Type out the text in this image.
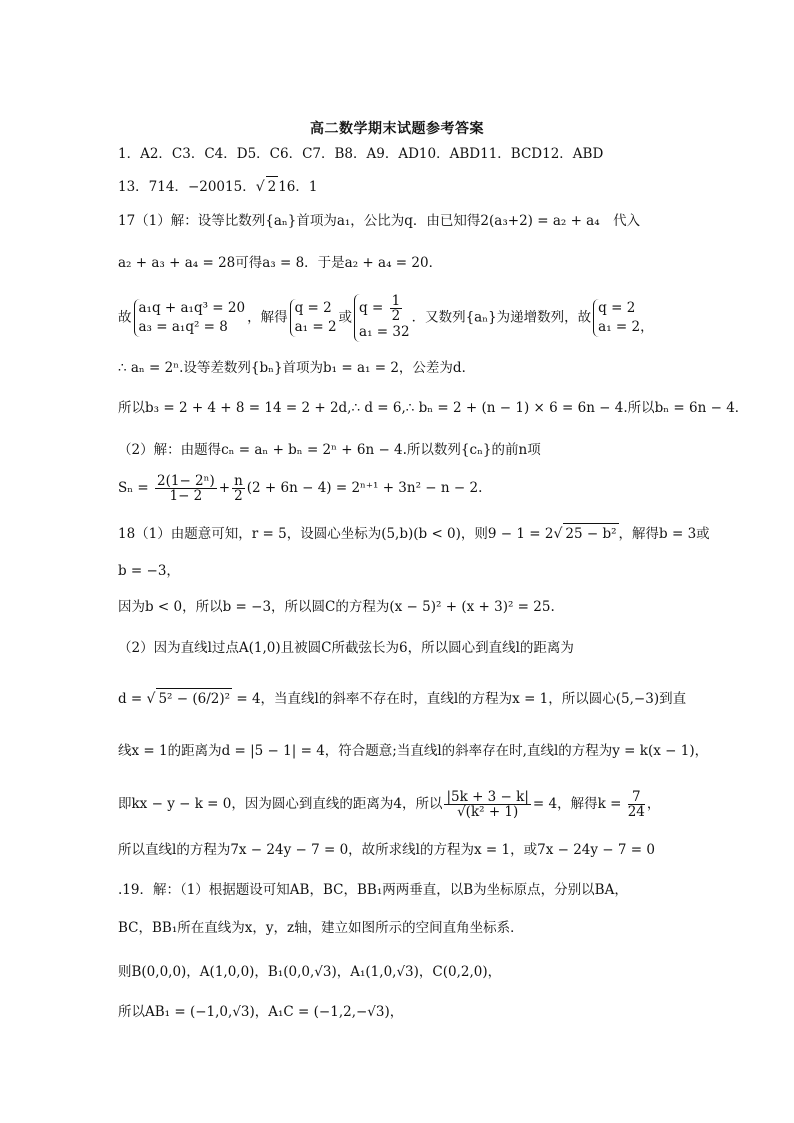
高二数学期末试题参考答案
1．A2．C3．C4．D5．C6．C7．B8．A9．AD10．ABD11．BCD12．ABD
13．714．−20015．√ 2 16．1
17（1）解：设等比数列{aₙ}首项为a₁，公比为q．由已知得2(a₃+2) = a₂ + a₄　代入
a₂ + a₃ + a₄ = 28可得a₃ = 8．于是a₂ + a₄ = 20．
故
a₁q + a₁q³ = 20
a₃ = a₁q² = 8
，解得
q = 2
a₁ = 2
或
$q = \frac{1}{2}$
a₁ = 32
．又数列{aₙ}为递增数列，故
q = 2
a₁ = 2，
∴ aₙ = 2ⁿ.设等差数列{bₙ}首项为b₁ = a₁ = 2，公差为d．
所以b₃ = 2 + 4 + 8 = 14 = 2 + 2d,∴ d = 6,∴ bₙ = 2 + (n − 1) × 6 = 6n − 4.所以bₙ = 6n − 4．
（2）解：由题得cₙ = aₙ + bₙ = 2ⁿ + 6n − 4.所以数列{cₙ}的前n项
$S_n = \frac{\text{2(1− 2ⁿ)}}{1- 2} + \frac{n}{2} (2 + 6n - 4) = 2^{n+1} + 3n^2 - n - 2$.
18（1）由题意可知，r = 5，设圆心坐标为(5,b)(b < 0)，则9 − 1 = 2√ 25 − b² ，解得b = 3或
b = −3，
因为b < 0，所以b = −3，所以圆C的方程为(x − 5)² + (x + 3)² = 25.
（2）因为直线l过点A(1,0)且被圆C所截弦长为6，所以圆心到直线l的距离为
d = √ 5² − (6/2)² = 4，当直线l的斜率不存在时，直线l的方程为x = 1，所以圆心(5,−3)到直
线x = 1的距离为d = |5 − 1| = 4，符合题意;当直线l的斜率存在时,直线l的方程为y = k(x − 1)，
即kx − y − k = 0，因为圆心到直线的距离为4，所以 $\frac{|5k + 3 - k|}{\text{√(k² + 1)}} = 4$，解得$k = \frac{7}{24}$ ，
所以直线l的方程为7x − 24y − 7 = 0，故所求线l的方程为x = 1，或7x − 24y − 7 = 0
.19．解：（1）根据题设可知AB，BC，BB₁两两垂直，以B为坐标原点，分别以BA，
BC，BB₁所在直线为x，y，z轴，建立如图所示的空间直角坐标系．
则B(0,0,0)，A(1,0,0)，B₁(0,0,√3)，A₁(1,0,√3)，C(0,2,0)，
所以AB₁ = (−1,0,√3)，A₁C = (−1,2,−√3)，
